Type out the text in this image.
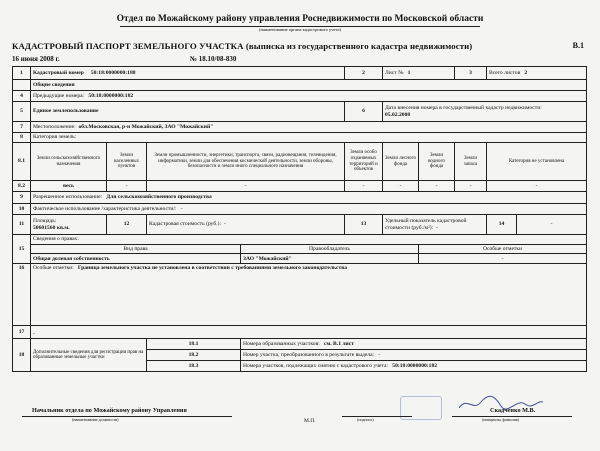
Отдел по Можайскому району управления Роснедвижимости по Московской области
(наименование органа кадастрового учета)
КАДАСТРОВЫЙ ПАСПОРТ ЗЕМЕЛЬНОГО УЧАСТКА (выписка из государственного кадастра недвижимости)	В.1
16 июня 2008 г.	№ 18.10/08-830
1	Кадастровый номер 50:18:0000000:188				2	Лист № 1		3	Всего листов 2	
	Общие сведения									
4	Предыдущие номера: 50:18:0000000:182									
5	Единое землепользование				6	Дата внесения номера в государственный кадастр недвижимости:
05.02.2008				

7	Местоположение: обл.Московская, р-н Можайский, ЗАО "Можайский"									
8	Категория земель:									
8.1	Земли сельскохозяйственного назначения	Земли населенных пунктов	Земли промышленности, энергетики, транспорта, связи, радиовещания, телевидения, информатики, земли для обеспечения космической деятельности, земли обороны, безопасности и земли иного специального назначения		Земли особо охраняемых территорий и объектов	Земли лесного фонда	Земли водного фонда	Земли запаса	Категория не установлена	
8.2	весь	-	-		-	-	-	-	-	
9	Разрешенное использование: Для сельскохозяйственного производства									
10	Фактическое использование /характеристика деятельности/: -									
11	Площадь:
50601560 кв.м.	12	Кадастровая стоимость (руб.): -		13	Удельный показатель кадастровой стоимости (руб./м²): -			14	-
15	Сведения о правах:									
	Вид права			Правообладатель			Особые отметки			
	Общая долевая собственность			ЗАО "Можайский"			-			
16	Особые отметки: Граница земельного участка не установлена в соответствии с требованиями земельного законодательства									
17	-									
18	Дополнительные сведения для регистрации прав на образованные земельные участки		18.1	Номера образованных участков: см. В.1 лист						
			18.2	Номер участка, преобразованного в результате выдела: -						
			18.3	Номера участков, подлежащих снятию с кадастрового учета: 50:18:0000000:182						
Начальник отдела по Можайскому району Управления
(наименование должности)	М.П.	(подпись)
Скадченко М.В.
(инициалы, фамилия)
